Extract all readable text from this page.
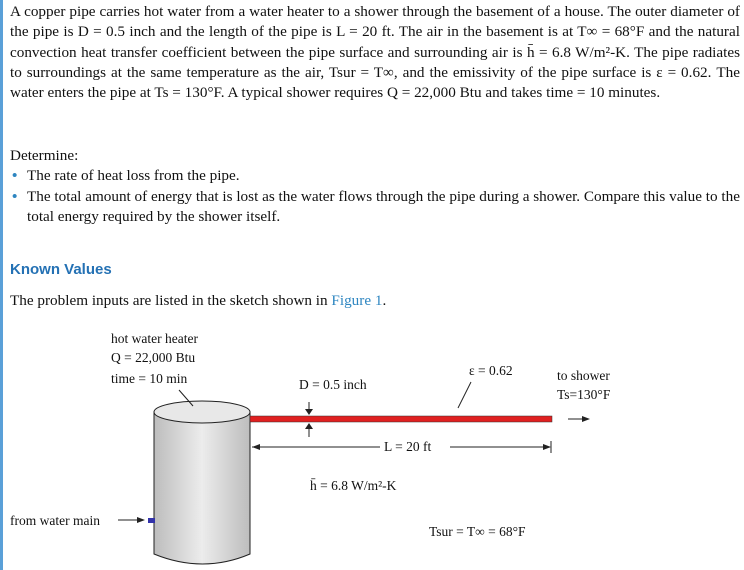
A copper pipe carries hot water from a water heater to a shower through the basement of a house. The outer diameter of the pipe is D = 0.5 inch and the length of the pipe is L = 20 ft. The air in the basement is at T∞ = 68°F and the natural convection heat transfer coefficient between the pipe surface and surrounding air is h̄ = 6.8 W/m²-K. The pipe radiates to surroundings at the same temperature as the air, Tsur = T∞, and the emissivity of the pipe surface is ε = 0.62. The water enters the pipe at Ts = 130°F. A typical shower requires Q = 22,000 Btu and takes time = 10 minutes.

Determine:

• The rate of heat loss from the pipe.
• The total amount of energy that is lost as the water flows through the pipe during a shower. Compare this value to the total energy required by the shower itself.
Known Values

The problem inputs are listed in the sketch shown in Figure 1.

hot water heater
Q = 22,000 Btu
time = 10 min	D = 0.5 inch
ε = 0.62	to shower
Ts=130°F
L = 20 ft
h̄ = 6.8 W/m²-K
from water main
Tsur = T∞ = 68°F
